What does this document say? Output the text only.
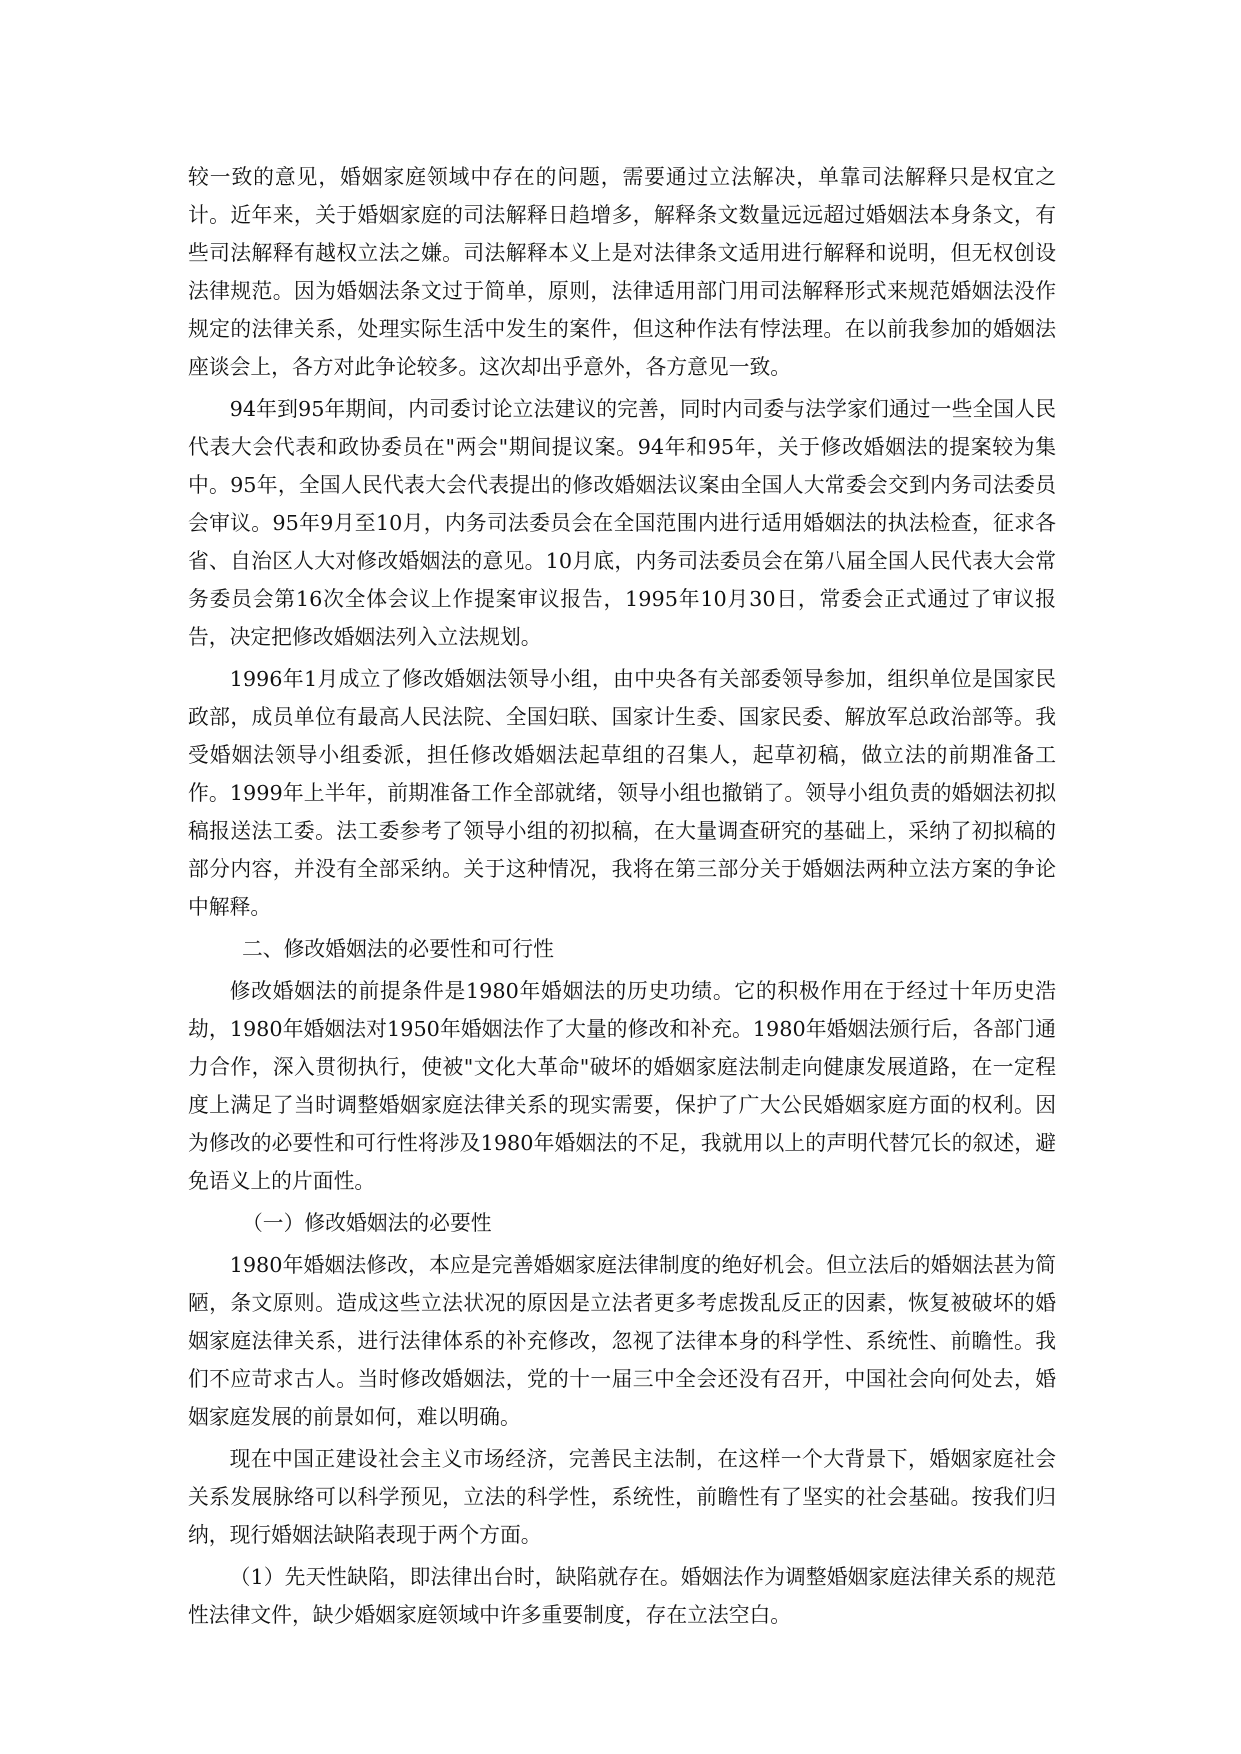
较一致的意见，婚姻家庭领域中存在的问题，需要通过立法解决，单靠司法解释只是权宜之计。近年来，关于婚姻家庭的司法解释日趋增多，解释条文数量远远超过婚姻法本身条文，有些司法解释有越权立法之嫌。司法解释本义上是对法律条文适用进行解释和说明，但无权创设法律规范。因为婚姻法条文过于简单，原则，法律适用部门用司法解释形式来规范婚姻法没作规定的法律关系，处理实际生活中发生的案件，但这种作法有悖法理。在以前我参加的婚姻法座谈会上，各方对此争论较多。这次却出乎意外，各方意见一致。

94年到95年期间，内司委讨论立法建议的完善，同时内司委与法学家们通过一些全国人民代表大会代表和政协委员在"两会"期间提议案。94年和95年，关于修改婚姻法的提案较为集中。95年，全国人民代表大会代表提出的修改婚姻法议案由全国人大常委会交到内务司法委员会审议。95年9月至10月，内务司法委员会在全国范围内进行适用婚姻法的执法检查，征求各省、自治区人大对修改婚姻法的意见。10月底，内务司法委员会在第八届全国人民代表大会常务委员会第16次全体会议上作提案审议报告，1995年10月30日，常委会正式通过了审议报告，决定把修改婚姻法列入立法规划。

1996年1月成立了修改婚姻法领导小组，由中央各有关部委领导参加，组织单位是国家民政部，成员单位有最高人民法院、全国妇联、国家计生委、国家民委、解放军总政治部等。我受婚姻法领导小组委派，担任修改婚姻法起草组的召集人，起草初稿，做立法的前期准备工作。1999年上半年，前期准备工作全部就绪，领导小组也撤销了。领导小组负责的婚姻法初拟稿报送法工委。法工委参考了领导小组的初拟稿，在大量调查研究的基础上，采纳了初拟稿的部分内容，并没有全部采纳。关于这种情况，我将在第三部分关于婚姻法两种立法方案的争论中解释。

二、修改婚姻法的必要性和可行性

修改婚姻法的前提条件是1980年婚姻法的历史功绩。它的积极作用在于经过十年历史浩劫，1980年婚姻法对1950年婚姻法作了大量的修改和补充。1980年婚姻法颁行后，各部门通力合作，深入贯彻执行，使被"文化大革命"破坏的婚姻家庭法制走向健康发展道路，在一定程度上满足了当时调整婚姻家庭法律关系的现实需要，保护了广大公民婚姻家庭方面的权利。因为修改的必要性和可行性将涉及1980年婚姻法的不足，我就用以上的声明代替冗长的叙述，避免语义上的片面性。

（一）修改婚姻法的必要性

1980年婚姻法修改，本应是完善婚姻家庭法律制度的绝好机会。但立法后的婚姻法甚为简陋，条文原则。造成这些立法状况的原因是立法者更多考虑拨乱反正的因素，恢复被破坏的婚姻家庭法律关系，进行法律体系的补充修改，忽视了法律本身的科学性、系统性、前瞻性。我们不应苛求古人。当时修改婚姻法，党的十一届三中全会还没有召开，中国社会向何处去，婚姻家庭发展的前景如何，难以明确。

现在中国正建设社会主义市场经济，完善民主法制，在这样一个大背景下，婚姻家庭社会关系发展脉络可以科学预见，立法的科学性，系统性，前瞻性有了坚实的社会基础。按我们归纳，现行婚姻法缺陷表现于两个方面。

（1）先天性缺陷，即法律出台时，缺陷就存在。婚姻法作为调整婚姻家庭法律关系的规范性法律文件，缺少婚姻家庭领域中许多重要制度，存在立法空白。
